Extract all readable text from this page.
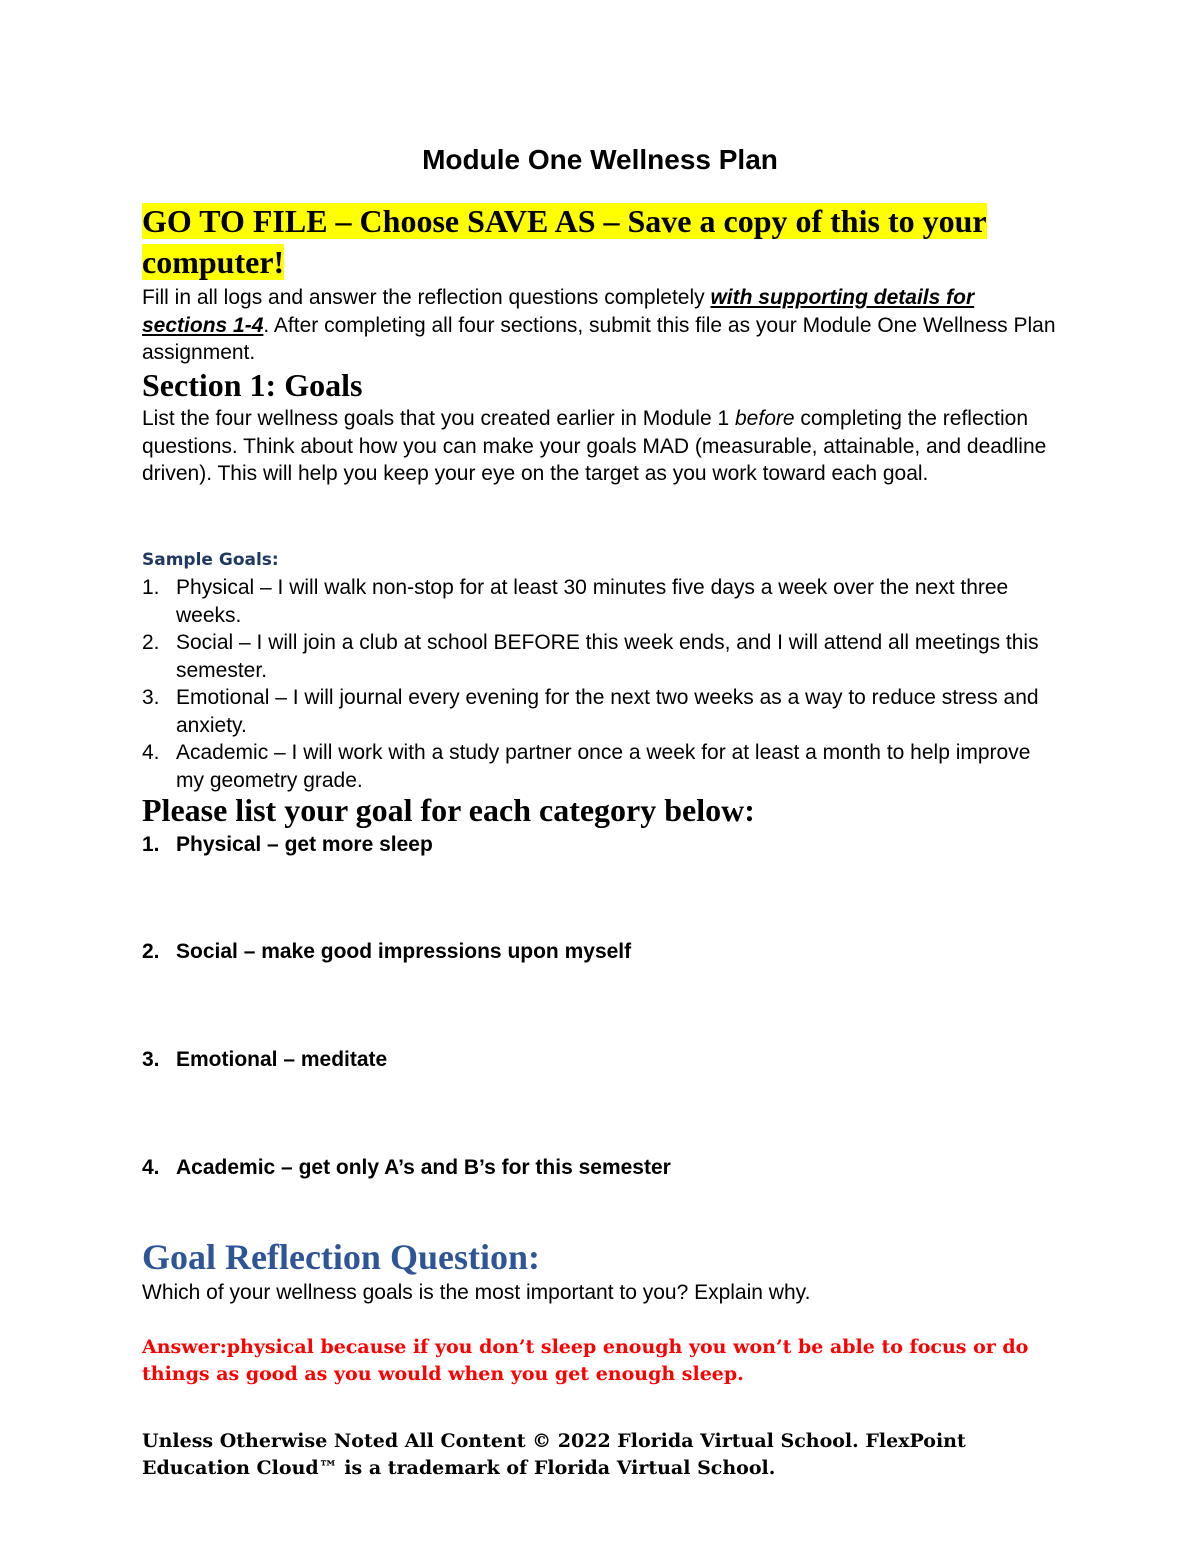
Module One Wellness Plan
GO TO FILE – Choose SAVE AS – Save a copy of this to your computer!
Fill in all logs and answer the reflection questions completely with supporting details for sections 1-4. After completing all four sections, submit this file as your Module One Wellness Plan assignment.
Section 1: Goals
List the four wellness goals that you created earlier in Module 1 before completing the reflection questions. Think about how you can make your goals MAD (measurable, attainable, and deadline driven). This will help you keep your eye on the target as you work toward each goal.
Sample Goals:
1. Physical – I will walk non-stop for at least 30 minutes five days a week over the next three weeks.
2. Social – I will join a club at school BEFORE this week ends, and I will attend all meetings this semester.
3. Emotional – I will journal every evening for the next two weeks as a way to reduce stress and anxiety.
4. Academic – I will work with a study partner once a week for at least a month to help improve my geometry grade.
Please list your goal for each category below:
1. Physical – get more sleep
2. Social – make good impressions upon myself
3. Emotional – meditate
4. Academic – get only A’s and B’s for this semester
Goal Reflection Question:
Which of your wellness goals is the most important to you? Explain why.
Answer:physical because if you don’t sleep enough you won’t be able to focus or do things as good as you would when you get enough sleep.
Unless Otherwise Noted All Content © 2022 Florida Virtual School. FlexPoint Education Cloud™ is a trademark of Florida Virtual School.
